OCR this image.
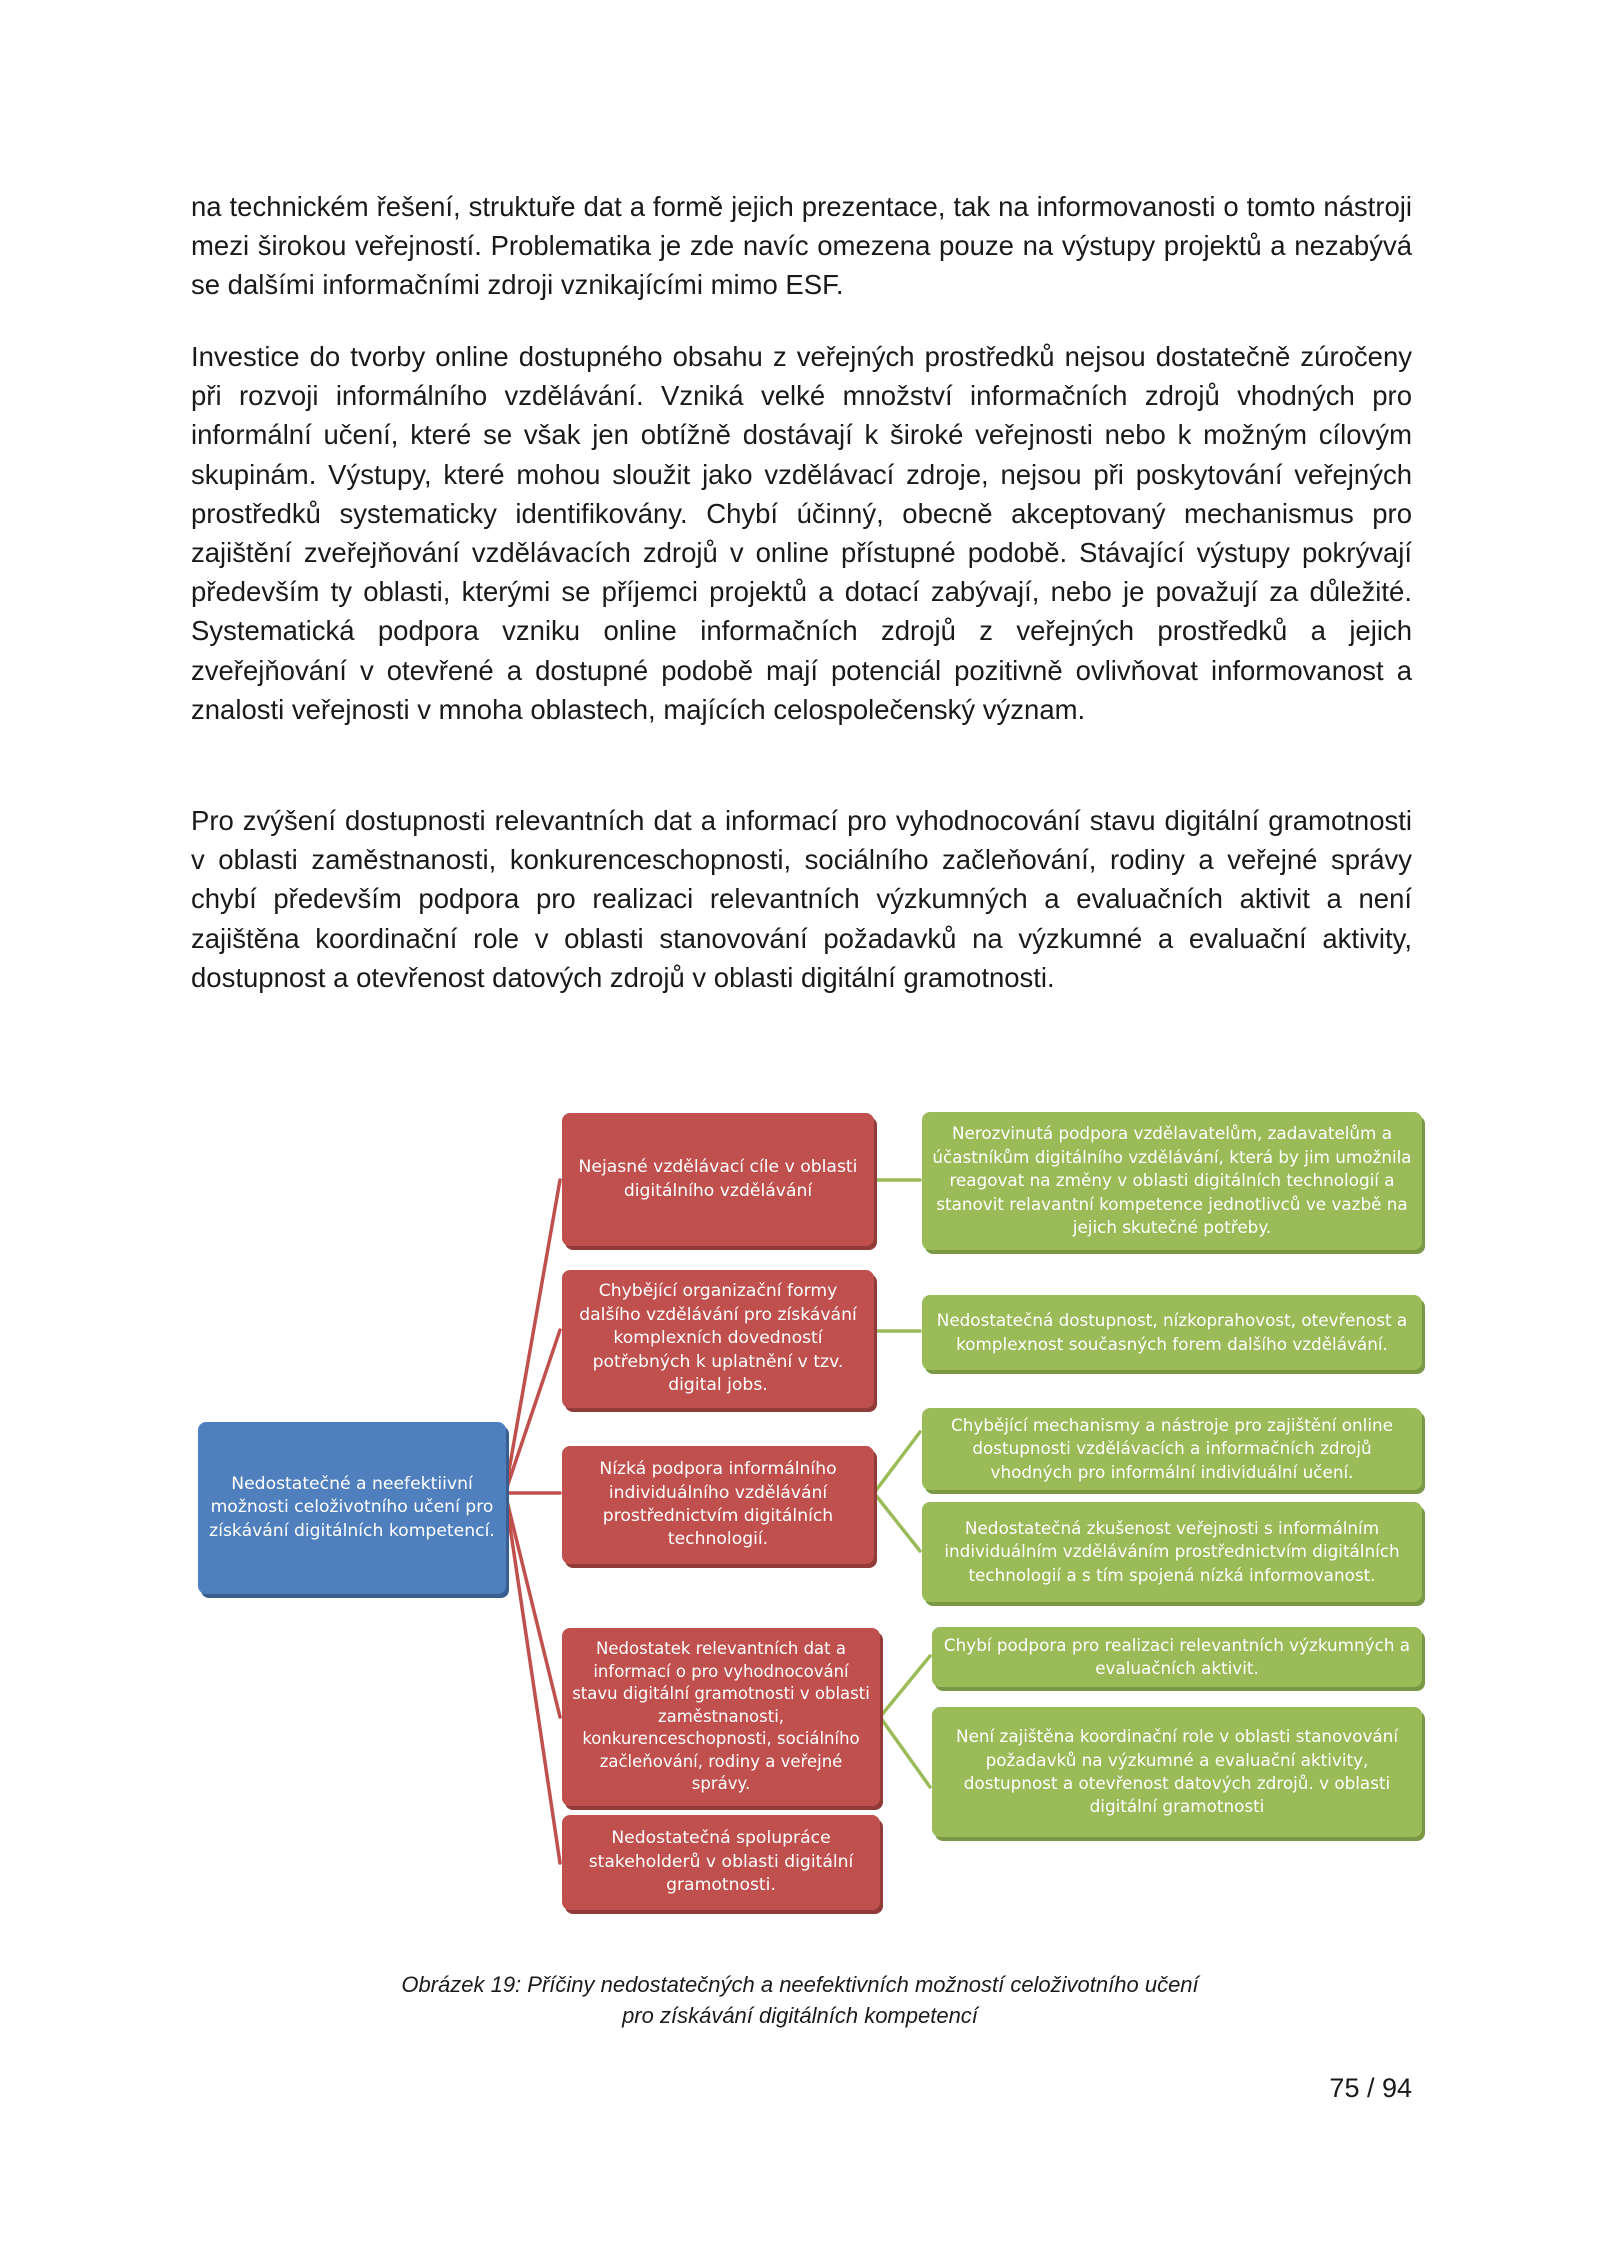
na technickém řešení, struktuře dat a formě jejich prezentace, tak na informovanosti o tomto nástroji mezi širokou veřejností. Problematika je zde navíc omezena pouze na výstupy projektů a nezabývá se dalšími informačními zdroji vznikajícími mimo ESF.

Investice do tvorby online dostupného obsahu z veřejných prostředků nejsou dostatečně zúročeny při rozvoji informálního vzdělávání. Vzniká velké množství informačních zdrojů vhodných pro informální učení, které se však jen obtížně dostávají k široké veřejnosti nebo k možným cílovým skupinám. Výstupy, které mohou sloužit jako vzdělávací zdroje, nejsou při poskytování veřejných prostředků systematicky identifikovány. Chybí účinný, obecně akceptovaný mechanismus pro zajištění zveřejňování vzdělávacích zdrojů v online přístupné podobě. Stávající výstupy pokrývají především ty oblasti, kterými se příjemci projektů a dotací zabývají, nebo je považují za důležité. Systematická podpora vzniku online informačních zdrojů z veřejných prostředků a jejich zveřejňování v otevřené a dostupné podobě mají potenciál pozitivně ovlivňovat informovanost a znalosti veřejnosti v mnoha oblastech, majících celospolečenský význam.

Pro zvýšení dostupnosti relevantních dat a informací pro vyhodnocování stavu digitální gramotnosti v oblasti zaměstnanosti, konkurenceschopnosti, sociálního začleňování, rodiny a veřejné správy chybí především podpora pro realizaci relevantních výzkumných a evaluačních aktivit a není zajištěna koordinační role v oblasti stanovování požadavků na výzkumné a evaluační aktivity, dostupnost a otevřenost datových zdrojů v oblasti digitální gramotnosti.

Nedostatečné a neefektiivní možnosti celoživotního učení pro získávání digitálních kompetencí.
Nejasné vzdělávací cíle v oblasti digitálního vzdělávání
Chybějící organizační formy dalšího vzdělávání pro získávání komplexních dovedností potřebných k uplatnění v tzv. digital jobs.
Nízká podpora informálního individuálního vzdělávání prostřednictvím digitálních technologií.
Nedostatek relevantních dat a informací o pro vyhodnocování stavu digitální gramotnosti v oblasti zaměstnanosti, konkurenceschopnosti, sociálního začleňování, rodiny a veřejné správy.
Nedostatečná spolupráce stakeholderů v oblasti digitální gramotnosti.
Nerozvinutá podpora vzdělavatelům, zadavatelům a účastníkům digitálního vzdělávání, která by jim umožnila reagovat na změny v oblasti digitálních technologií a stanovit relavantní kompetence jednotlivců ve vazbě na jejich skutečné potřeby.
Nedostatečná dostupnost, nízkoprahovost, otevřenost a komplexnost současných forem dalšího vzdělávání.
Chybějící mechanismy a nástroje pro zajištění online dostupnosti vzdělávacích a informačních zdrojů vhodných pro informální individuální učení.
Nedostatečná zkušenost veřejnosti s informálním individuálním vzděláváním prostřednictvím digitálních technologií a s tím spojená nízká informovanost.
Chybí podpora pro realizaci relevantních výzkumných a evaluačních aktivit.
Není zajištěna koordinační role v oblasti stanovování požadavků na výzkumné a evaluační aktivity, dostupnost a otevřenost datových zdrojů. v oblasti digitální gramotnosti
Obrázek 19: Příčiny nedostatečných a neefektivních možností celoživotního učení
pro získávání digitálních kompetencí
75 / 94
